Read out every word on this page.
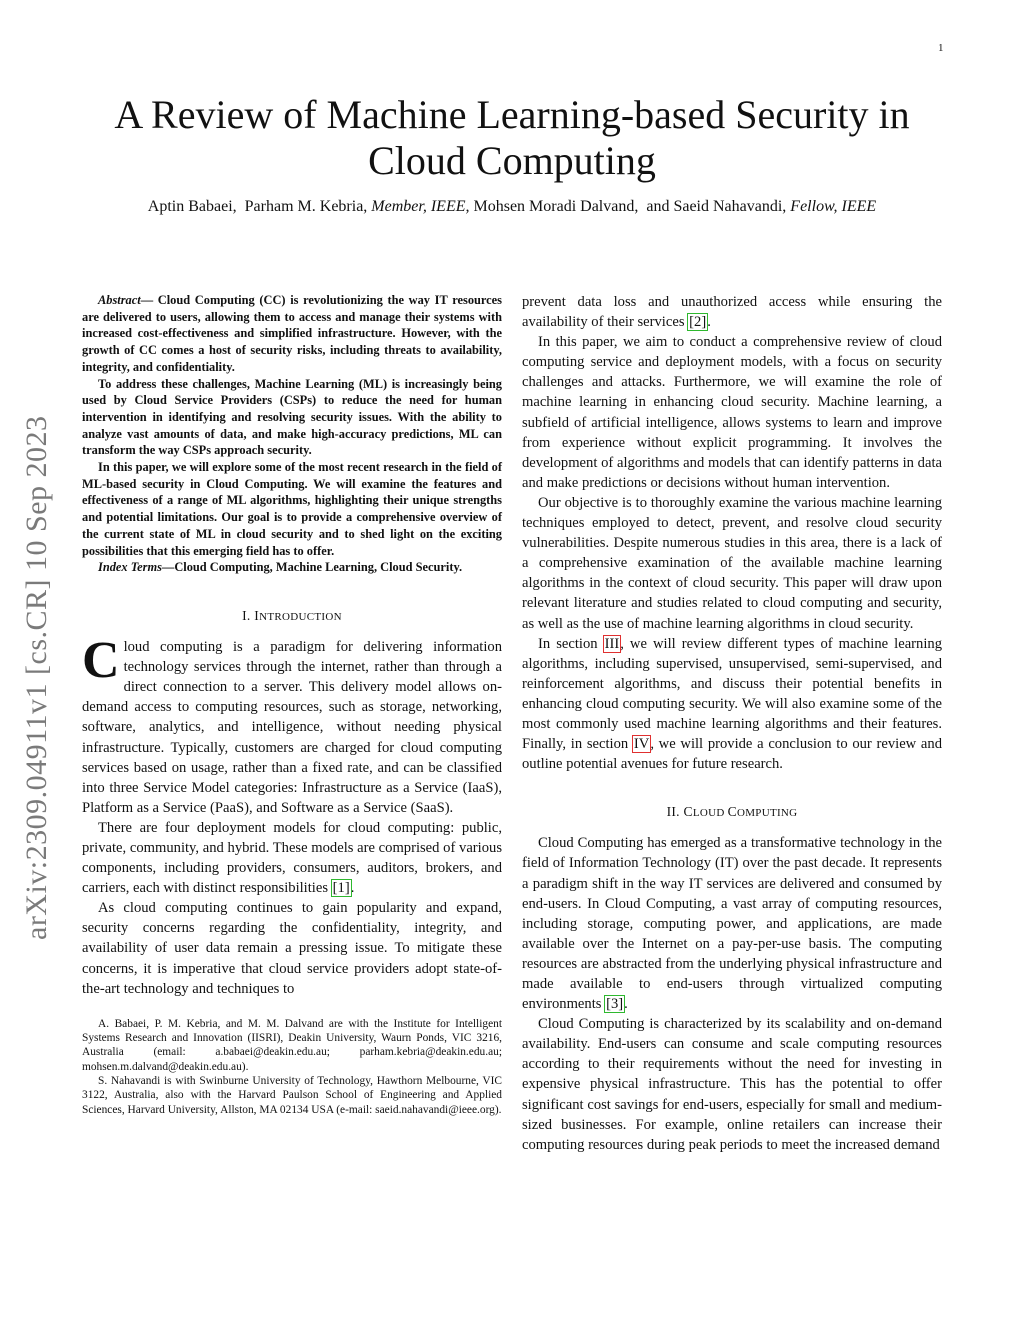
1
A Review of Machine Learning-based Security in
Cloud Computing
Aptin Babaei, Parham M. Kebria, Member, IEEE, Mohsen Moradi Dalvand, and Saeid Nahavandi, Fellow, IEEE
arXiv:2309.04911v1 [cs.CR] 10 Sep 2023

Abstract— Cloud Computing (CC) is revolutionizing the way IT resources are delivered to users, allowing them to access and manage their systems with increased cost-effectiveness and simplified infrastructure. However, with the growth of CC comes a host of security risks, including threats to availability, integrity, and confidentiality.

To address these challenges, Machine Learning (ML) is increasingly being used by Cloud Service Providers (CSPs) to reduce the need for human intervention in identifying and resolving security issues. With the ability to analyze vast amounts of data, and make high-accuracy predictions, ML can transform the way CSPs approach security.

In this paper, we will explore some of the most recent research in the field of ML-based security in Cloud Computing. We will examine the features and effectiveness of a range of ML algorithms, highlighting their unique strengths and potential limitations. Our goal is to provide a comprehensive overview of the current state of ML in cloud security and to shed light on the exciting possibilities that this emerging field has to offer.

Index Terms—Cloud Computing, Machine Learning, Cloud Security.

I. INTRODUCTION

Cloud computing is a paradigm for delivering information technology services through the internet, rather than through a direct connection to a server. This delivery model allows on-demand access to computing resources, such as storage, networking, software, analytics, and intelligence, without needing physical infrastructure. Typically, customers are charged for cloud computing services based on usage, rather than a fixed rate, and can be classified into three Service Model categories: Infrastructure as a Service (IaaS), Platform as a Service (PaaS), and Software as a Service (SaaS).

There are four deployment models for cloud computing: public, private, community, and hybrid. These models are comprised of various components, including providers, consumers, auditors, brokers, and carriers, each with distinct responsibilities [1].

As cloud computing continues to gain popularity and expand, security concerns regarding the confidentiality, integrity, and availability of user data remain a pressing issue. To mitigate these concerns, it is imperative that cloud service providers adopt state-of-the-art technology and techniques to

A. Babaei, P. M. Kebria, and M. M. Dalvand are with the Institute for Intelligent Systems Research and Innovation (IISRI), Deakin University, Waurn Ponds, VIC 3216, Australia (email: a.babaei@deakin.edu.au; parham.kebria@deakin.edu.au; mohsen.m.dalvand@deakin.edu.au).

S. Nahavandi is with Swinburne University of Technology, Hawthorn Melbourne, VIC 3122, Australia, also with the Harvard Paulson School of Engineering and Applied Sciences, Harvard University, Allston, MA 02134 USA (e-mail: saeid.nahavandi@ieee.org).

prevent data loss and unauthorized access while ensuring the availability of their services [2].

In this paper, we aim to conduct a comprehensive review of cloud computing service and deployment models, with a focus on security challenges and attacks. Furthermore, we will examine the role of machine learning in enhancing cloud security. Machine learning, a subfield of artificial intelligence, allows systems to learn and improve from experience without explicit programming. It involves the development of algorithms and models that can identify patterns in data and make predictions or decisions without human intervention.

Our objective is to thoroughly examine the various machine learning techniques employed to detect, prevent, and resolve cloud security vulnerabilities. Despite numerous studies in this area, there is a lack of a comprehensive examination of the available machine learning algorithms in the context of cloud security. This paper will draw upon relevant literature and studies related to cloud computing and security, as well as the use of machine learning algorithms in cloud security.

In section III, we will review different types of machine learning algorithms, including supervised, unsupervised, semi-supervised, and reinforcement algorithms, and discuss their potential benefits in enhancing cloud computing security. We will also examine some of the most commonly used machine learning algorithms and their features. Finally, in section IV, we will provide a conclusion to our review and outline potential avenues for future research.

II. CLOUD COMPUTING

Cloud Computing has emerged as a transformative technology in the field of Information Technology (IT) over the past decade. It represents a paradigm shift in the way IT services are delivered and consumed by end-users. In Cloud Computing, a vast array of computing resources, including storage, computing power, and applications, are made available over the Internet on a pay-per-use basis. The computing resources are abstracted from the underlying physical infrastructure and made available to end-users through virtualized computing environments [3].

Cloud Computing is characterized by its scalability and on-demand availability. End-users can consume and scale computing resources according to their requirements without the need for investing in expensive physical infrastructure. This has the potential to offer significant cost savings for end-users, especially for small and medium-sized businesses. For example, online retailers can increase their computing resources during peak periods to meet the increased demand
